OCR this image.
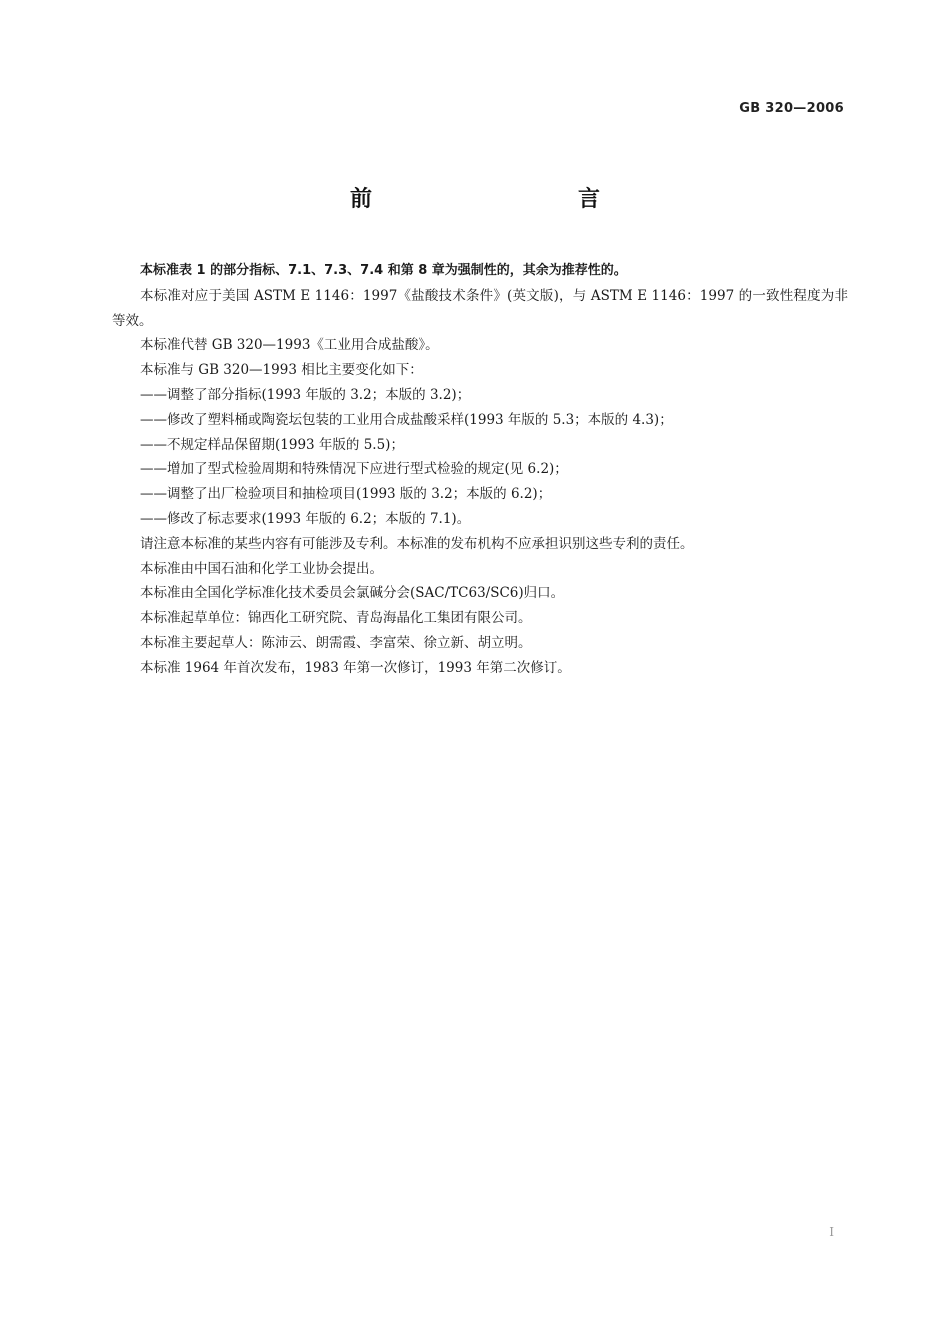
GB 320—2006
前　　言

本标准表 1 的部分指标、7.1、7.3、7.4 和第 8 章为强制性的，其余为推荐性的。

本标准对应于美国 ASTM E 1146：1997《盐酸技术条件》(英文版)，与 ASTM E 1146：1997 的一致性程度为非等效。

本标准代替 GB 320—1993《工业用合成盐酸》。

本标准与 GB 320—1993 相比主要变化如下：

——调整了部分指标(1993 年版的 3.2；本版的 3.2)；

——修改了塑料桶或陶瓷坛包装的工业用合成盐酸采样(1993 年版的 5.3；本版的 4.3)；

——不规定样品保留期(1993 年版的 5.5)；

——增加了型式检验周期和特殊情况下应进行型式检验的规定(见 6.2)；

——调整了出厂检验项目和抽检项目(1993 版的 3.2；本版的 6.2)；

——修改了标志要求(1993 年版的 6.2；本版的 7.1)。

请注意本标准的某些内容有可能涉及专利。本标准的发布机构不应承担识别这些专利的责任。

本标准由中国石油和化学工业协会提出。

本标准由全国化学标准化技术委员会氯碱分会(SAC/TC63/SC6)归口。

本标准起草单位：锦西化工研究院、青岛海晶化工集团有限公司。

本标准主要起草人：陈沛云、朗需霞、李富荣、徐立新、胡立明。

本标准 1964 年首次发布，1983 年第一次修订，1993 年第二次修订。

I
